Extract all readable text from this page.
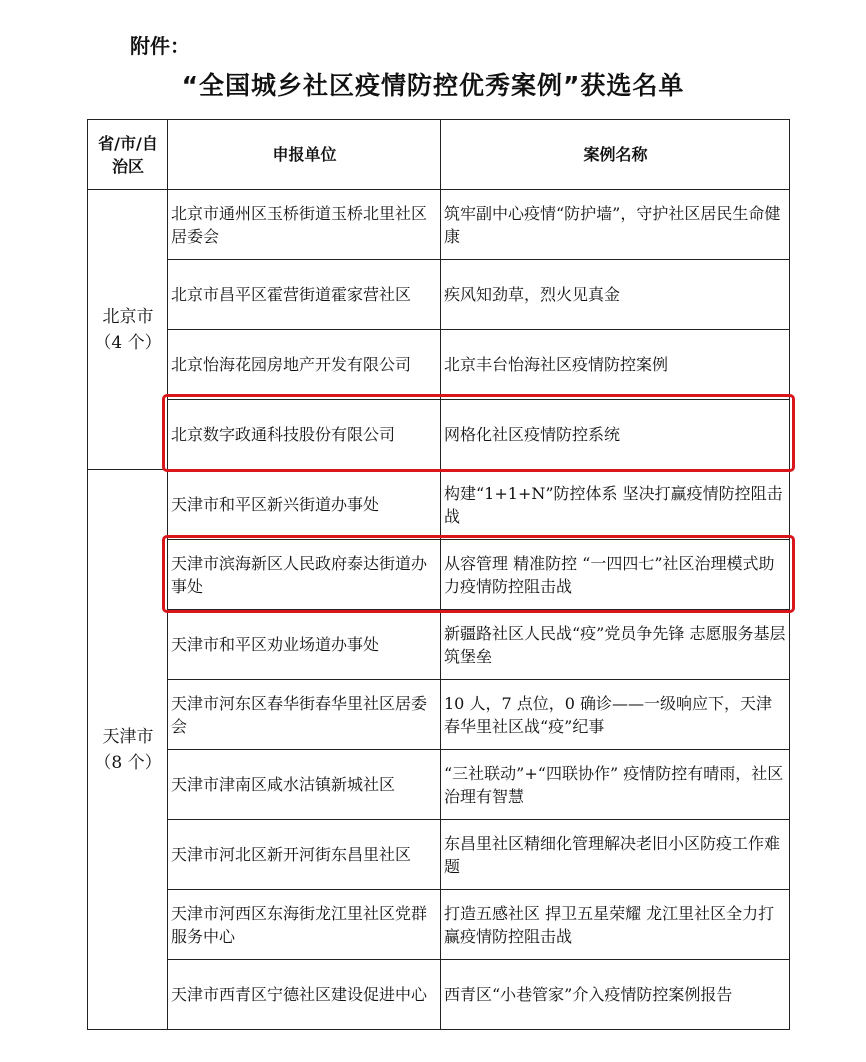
附件：

“全国城乡社区疫情防控优秀案例”获选名单
省/市/自治区	申报单位	案例名称
北京市
（4 个）	北京市通州区玉桥街道玉桥北里社区居委会	筑牢副中心疫情“防护墙”，守护社区居民生命健康
	北京市昌平区霍营街道霍家营社区	疾风知劲草，烈火见真金
	北京怡海花园房地产开发有限公司	北京丰台怡海社区疫情防控案例
	北京数字政通科技股份有限公司	网格化社区疫情防控系统
天津市
（8 个）	天津市和平区新兴街道办事处	构建“1+1+N”防控体系 坚决打赢疫情防控阻击战
	天津市滨海新区人民政府泰达街道办事处	从容管理 精准防控 “一四四七”社区治理模式助力疫情防控阻击战
	天津市和平区劝业场道办事处	新疆路社区人民战“疫”党员争先锋 志愿服务基层筑堡垒
	天津市河东区春华街春华里社区居委会	10 人，7 点位，0 确诊——一级响应下，天津春华里社区战“疫”纪事
	天津市津南区咸水沽镇新城社区	“三社联动”+“四联协作” 疫情防控有晴雨，社区治理有智慧
	天津市河北区新开河街东昌里社区	东昌里社区精细化管理解决老旧小区防疫工作难题
	天津市河西区东海街龙江里社区党群服务中心	打造五感社区 捍卫五星荣耀 龙江里社区全力打赢疫情防控阻击战
	天津市西青区宁德社区建设促进中心	西青区“小巷管家”介入疫情防控案例报告
